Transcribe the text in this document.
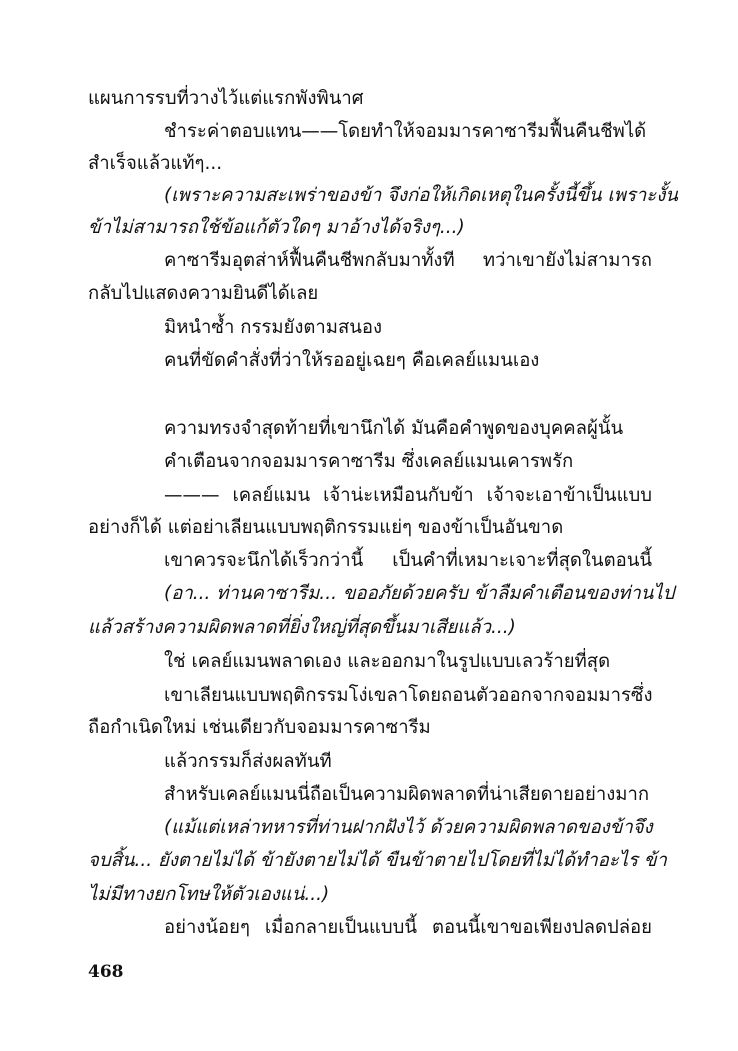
แผนการรบที่วางไว้แต่แรกพังพินาศ
ชำระค่าตอบแทน——โดยทำให้จอมมารคาซารีมฟื้นคืนชีพได้
สำเร็จแล้วแท้ๆ...
(เพราะความสะเพร่าของข้า จึงก่อให้เกิดเหตุในครั้งนี้ขึ้น เพราะงั้น
ข้าไม่สามารถใช้ข้อแก้ตัวใดๆ มาอ้างได้จริงๆ...)
คาซารีมอุตส่าห์ฟื้นคืนชีพกลับมาทั้งที ทว่าเขายังไม่สามารถ
กลับไปแสดงความยินดีได้เลย
มิหนำซ้ำ กรรมยังตามสนอง
คนที่ขัดคำสั่งที่ว่าให้รออยู่เฉยๆ คือเคลย์แมนเอง
ความทรงจำสุดท้ายที่เขานึกได้ มันคือคำพูดของบุคคลผู้นั้น
คำเตือนจากจอมมารคาซารีม ซึ่งเคลย์แมนเคารพรัก
——— เคลย์แมน เจ้าน่ะเหมือนกับข้า เจ้าจะเอาข้าเป็นแบบ
อย่างก็ได้ แต่อย่าเลียนแบบพฤติกรรมแย่ๆ ของข้าเป็นอันขาด
เขาควรจะนึกได้เร็วกว่านี้ เป็นคำที่เหมาะเจาะที่สุดในตอนนี้
(อา... ท่านคาซารีม... ขออภัยด้วยครับ ข้าลืมคำเตือนของท่านไป
แล้วสร้างความผิดพลาดที่ยิ่งใหญ่ที่สุดขึ้นมาเสียแล้ว...)
ใช่ เคลย์แมนพลาดเอง และออกมาในรูปแบบเลวร้ายที่สุด
เขาเลียนแบบพฤติกรรมโง่เขลาโดยถอนตัวออกจากจอมมารซึ่ง
ถือกำเนิดใหม่ เช่นเดียวกับจอมมารคาซารีม
แล้วกรรมก็ส่งผลทันที
สำหรับเคลย์แมนนี่ถือเป็นความผิดพลาดที่น่าเสียดายอย่างมาก
(แม้แต่เหล่าทหารที่ท่านฝากฝังไว้ ด้วยความผิดพลาดของข้าจึง
จบสิ้น... ยังตายไม่ได้ ข้ายังตายไม่ได้ ขืนข้าตายไปโดยที่ไม่ได้ทำอะไร ข้า
ไม่มีทางยกโทษให้ตัวเองแน่...)
อย่างน้อยๆ เมื่อกลายเป็นแบบนี้ ตอนนี้เขาขอเพียงปลดปล่อย
468
